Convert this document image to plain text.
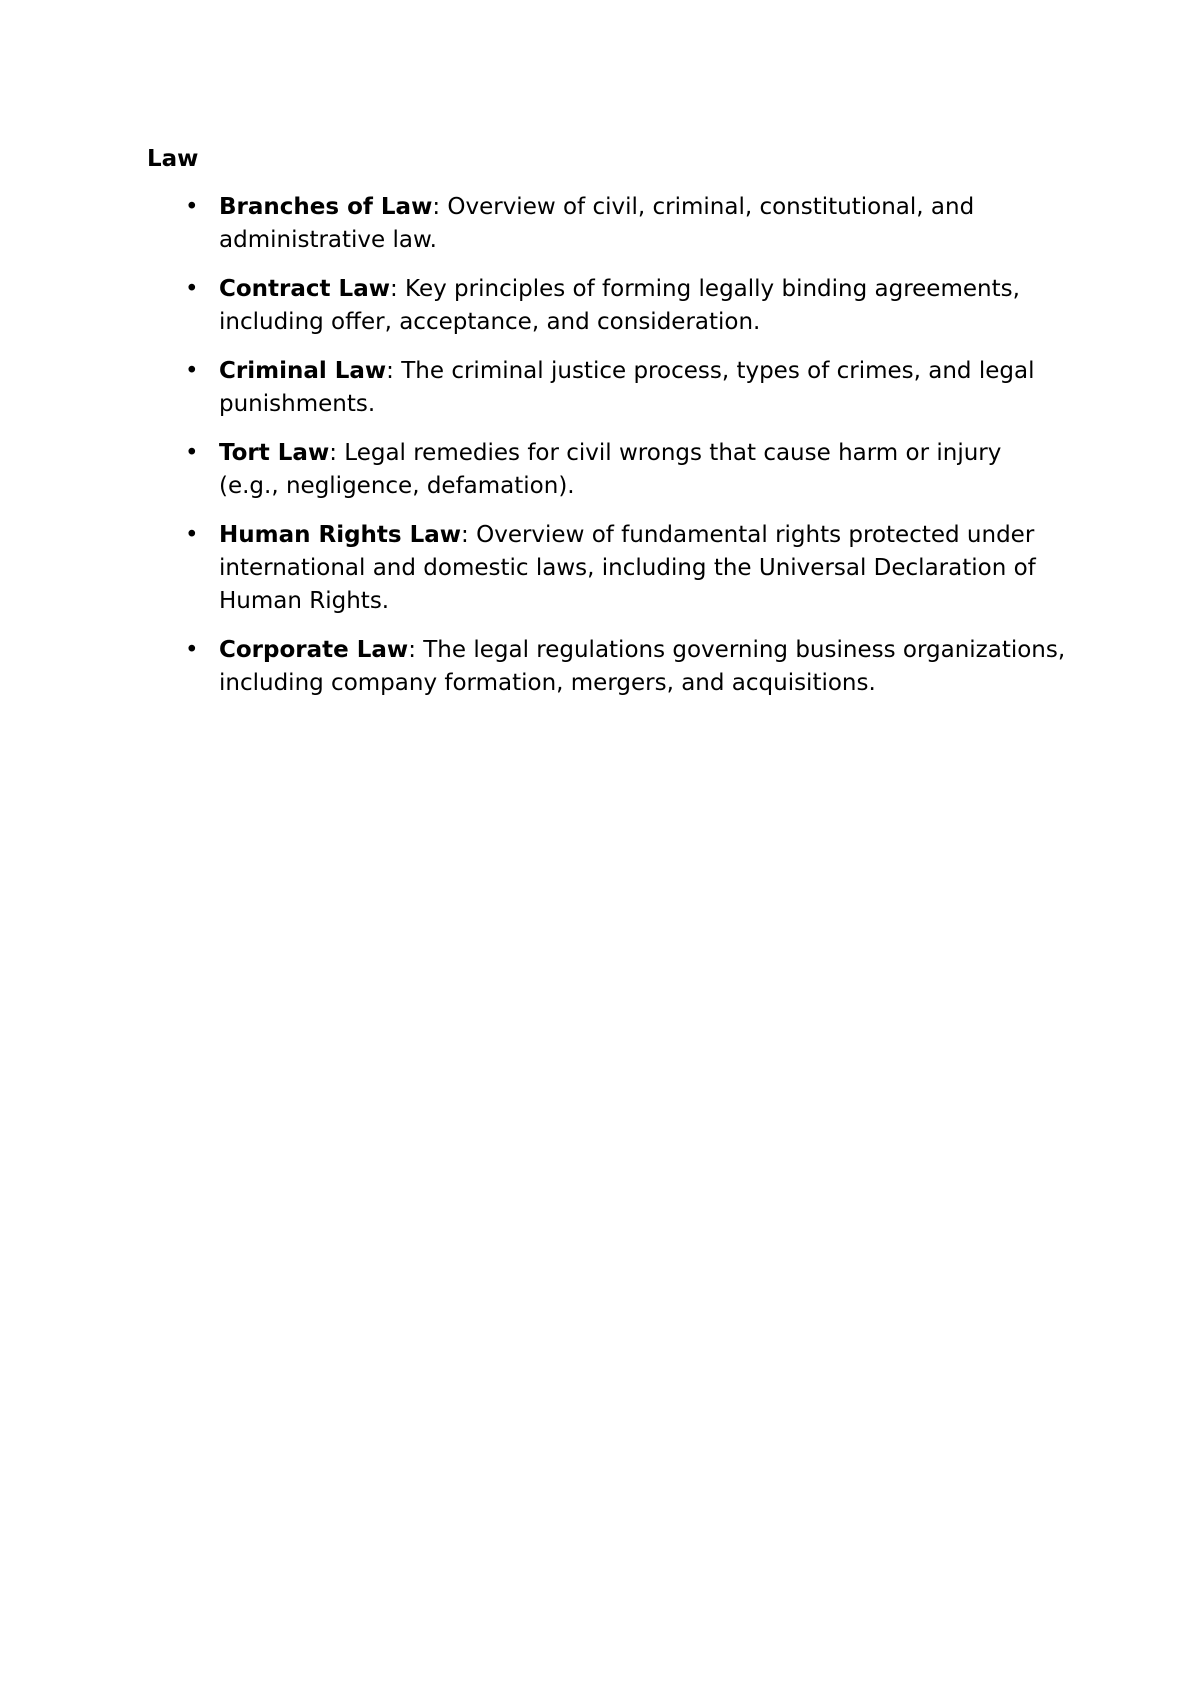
Law
• Branches of Law: Overview of civil, criminal, constitutional, and administrative law.
• Contract Law: Key principles of forming legally binding agreements, including offer, acceptance, and consideration.
• Criminal Law: The criminal justice process, types of crimes, and legal punishments.
• Tort Law: Legal remedies for civil wrongs that cause harm or injury (e.g., negligence, defamation).
• Human Rights Law: Overview of fundamental rights protected under international and domestic laws, including the Universal Declaration of Human Rights.
• Corporate Law: The legal regulations governing business organizations, including company formation, mergers, and acquisitions.
